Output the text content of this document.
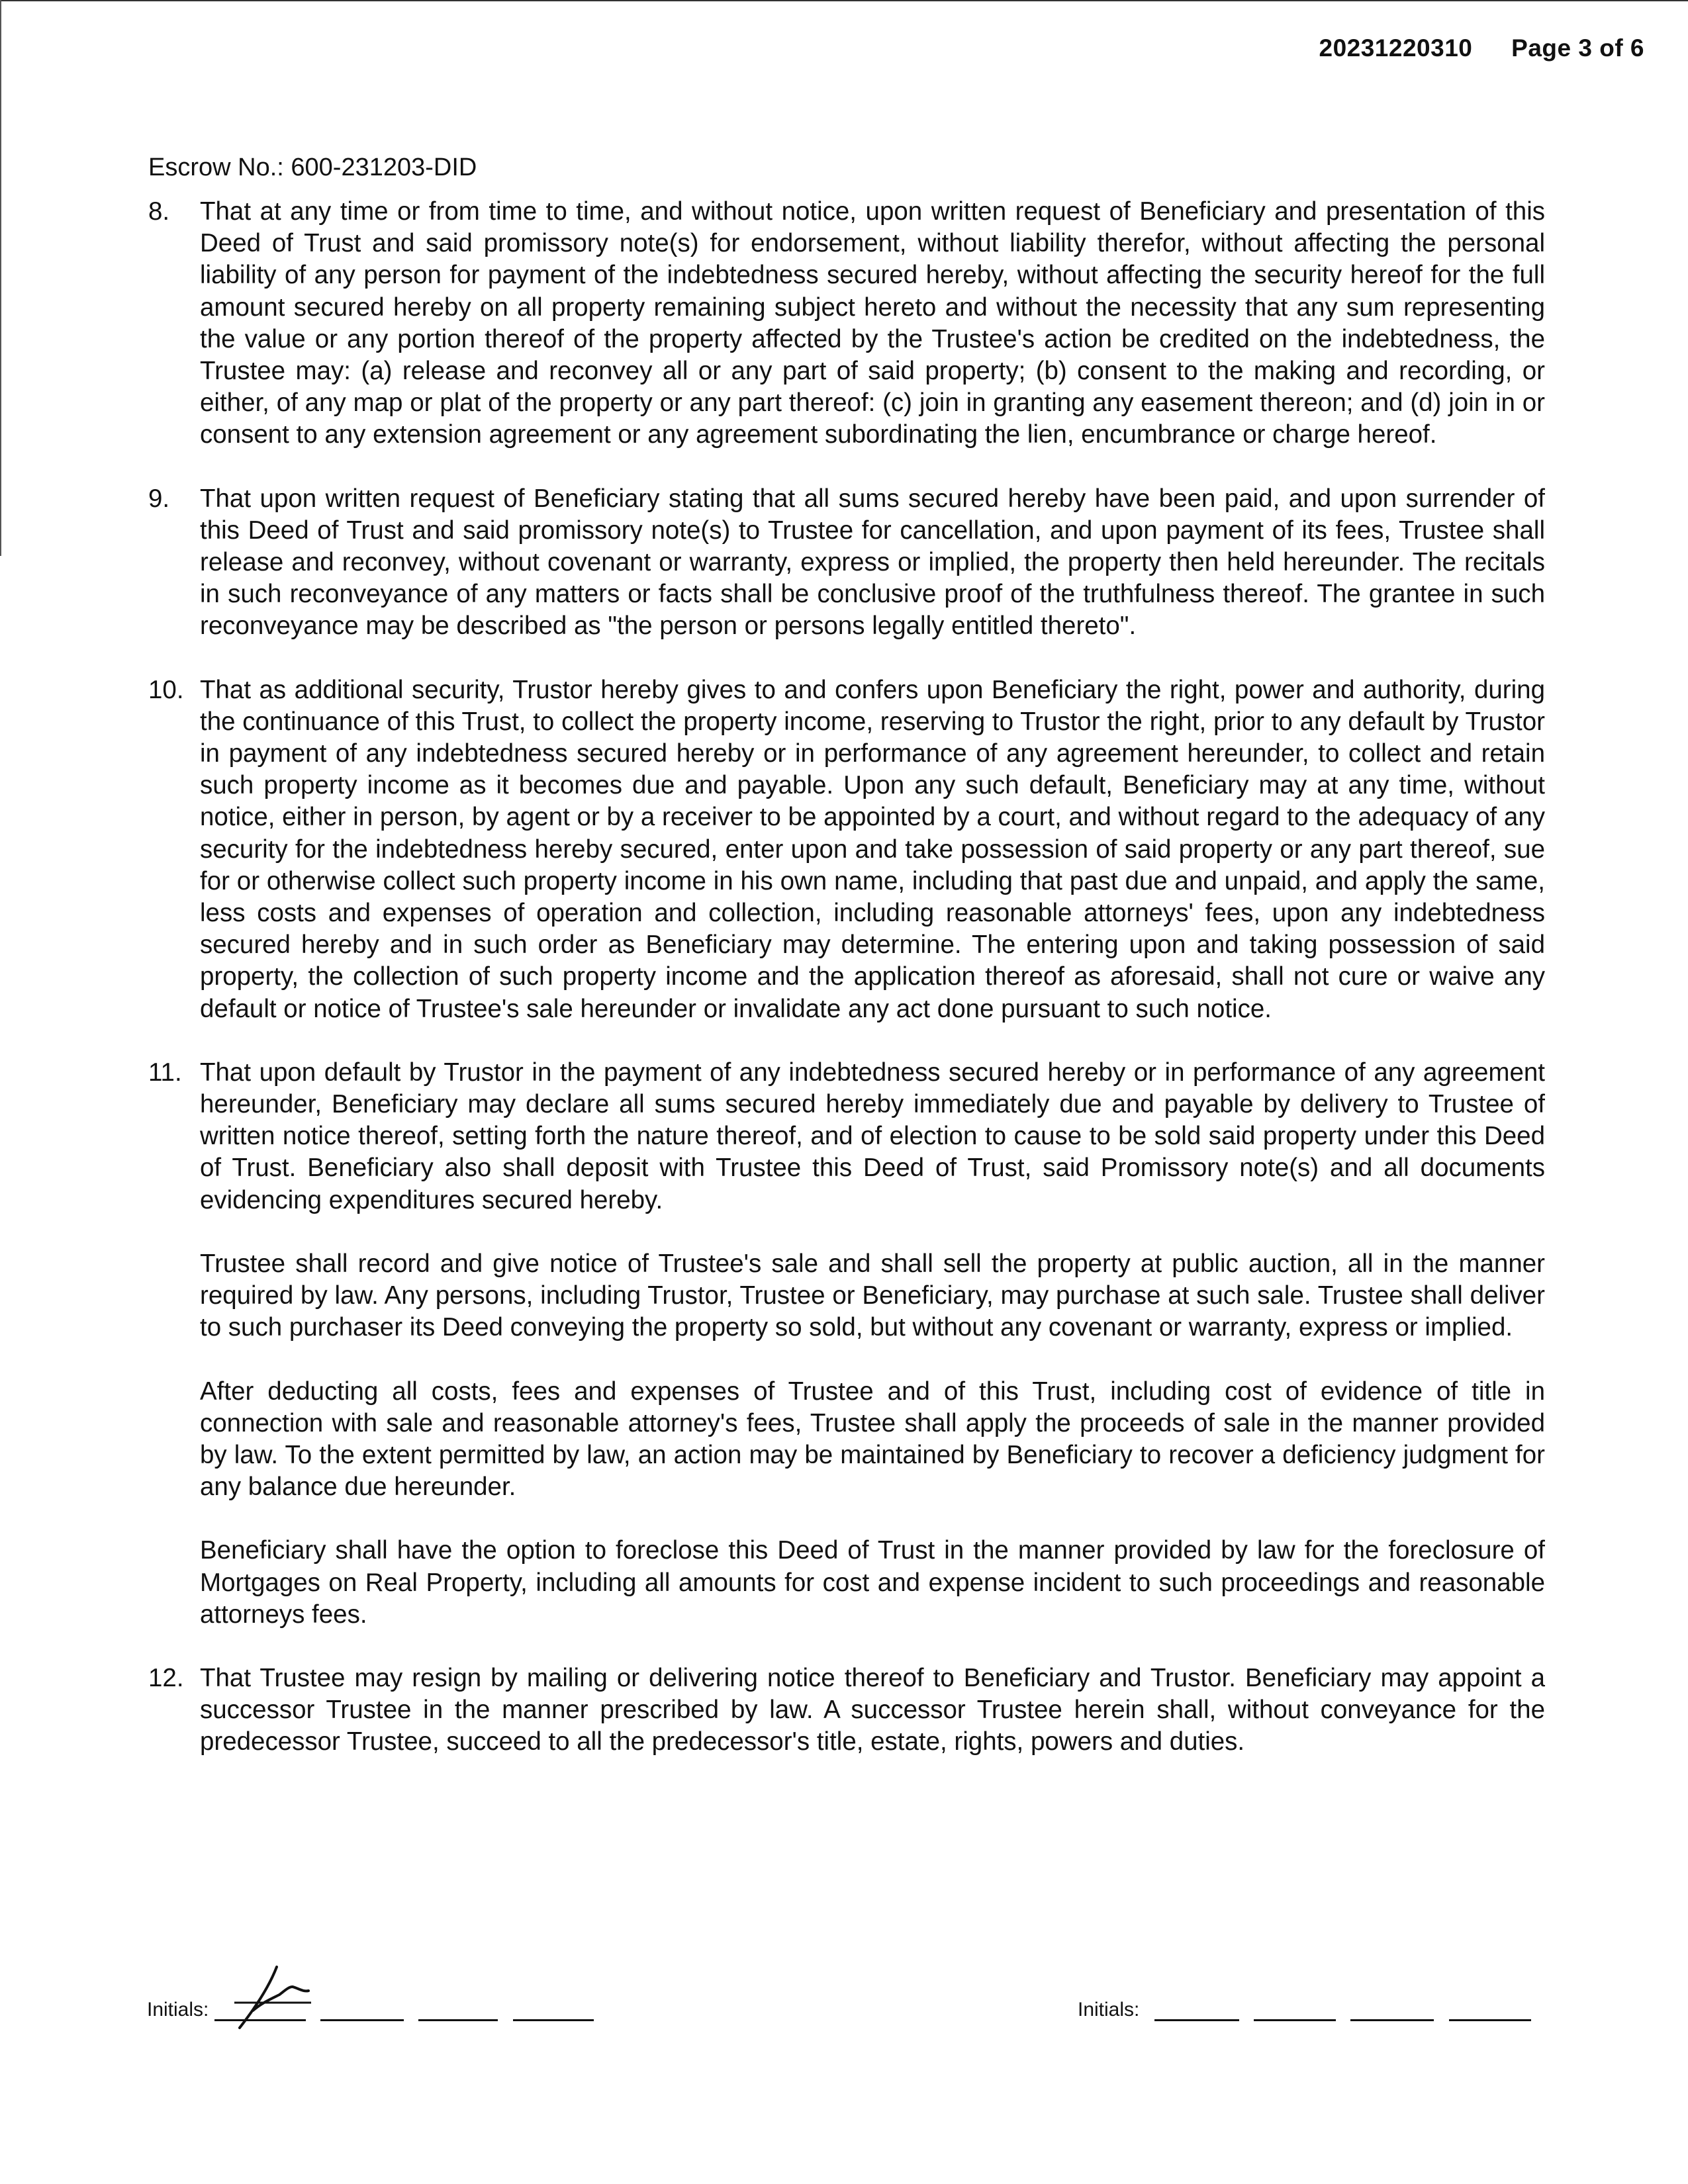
20231220310 Page 3 of 6
Escrow No.: 600-231203-DID
8. That at any time or from time to time, and without notice, upon written request of Beneficiary and presentation of this Deed of Trust and said promissory note(s) for endorsement, without liability therefor, without affecting the personal liability of any person for payment of the indebtedness secured hereby, without affecting the security hereof for the full amount secured hereby on all property remaining subject hereto and without the necessity that any sum representing the value or any portion thereof of the property affected by the Trustee's action be credited on the indebtedness, the Trustee may: (a) release and reconvey all or any part of said property; (b) consent to the making and recording, or either, of any map or plat of the property or any part thereof: (c) join in granting any easement thereon; and (d) join in or consent to any extension agreement or any agreement subordinating the lien, encumbrance or charge hereof.
9. That upon written request of Beneficiary stating that all sums secured hereby have been paid, and upon surrender of this Deed of Trust and said promissory note(s) to Trustee for cancellation, and upon payment of its fees, Trustee shall release and reconvey, without covenant or warranty, express or implied, the property then held hereunder. The recitals in such reconveyance of any matters or facts shall be conclusive proof of the truthfulness thereof. The grantee in such reconveyance may be described as "the person or persons legally entitled thereto".
10. That as additional security, Trustor hereby gives to and confers upon Beneficiary the right, power and authority, during the continuance of this Trust, to collect the property income, reserving to Trustor the right, prior to any default by Trustor in payment of any indebtedness secured hereby or in performance of any agreement hereunder, to collect and retain such property income as it becomes due and payable. Upon any such default, Beneficiary may at any time, without notice, either in person, by agent or by a receiver to be appointed by a court, and without regard to the adequacy of any security for the indebtedness hereby secured, enter upon and take possession of said property or any part thereof, sue for or otherwise collect such property income in his own name, including that past due and unpaid, and apply the same, less costs and expenses of operation and collection, including reasonable attorneys' fees, upon any indebtedness secured hereby and in such order as Beneficiary may determine. The entering upon and taking possession of said property, the collection of such property income and the application thereof as aforesaid, shall not cure or waive any default or notice of Trustee's sale hereunder or invalidate any act done pursuant to such notice.
11. That upon default by Trustor in the payment of any indebtedness secured hereby or in performance of any agreement hereunder, Beneficiary may declare all sums secured hereby immediately due and payable by delivery to Trustee of written notice thereof, setting forth the nature thereof, and of election to cause to be sold said property under this Deed of Trust. Beneficiary also shall deposit with Trustee this Deed of Trust, said Promissory note(s) and all documents evidencing expenditures secured hereby.
Trustee shall record and give notice of Trustee's sale and shall sell the property at public auction, all in the manner required by law. Any persons, including Trustor, Trustee or Beneficiary, may purchase at such sale. Trustee shall deliver to such purchaser its Deed conveying the property so sold, but without any covenant or warranty, express or implied.
After deducting all costs, fees and expenses of Trustee and of this Trust, including cost of evidence of title in connection with sale and reasonable attorney's fees, Trustee shall apply the proceeds of sale in the manner provided by law. To the extent permitted by law, an action may be maintained by Beneficiary to recover a deficiency judgment for any balance due hereunder.
Beneficiary shall have the option to foreclose this Deed of Trust in the manner provided by law for the foreclosure of Mortgages on Real Property, including all amounts for cost and expense incident to such proceedings and reasonable attorneys fees.
12. That Trustee may resign by mailing or delivering notice thereof to Beneficiary and Trustor. Beneficiary may appoint a successor Trustee in the manner prescribed by law. A successor Trustee herein shall, without conveyance for the predecessor Trustee, succeed to all the predecessor's title, estate, rights, powers and duties.
Initials:
	Initials:
